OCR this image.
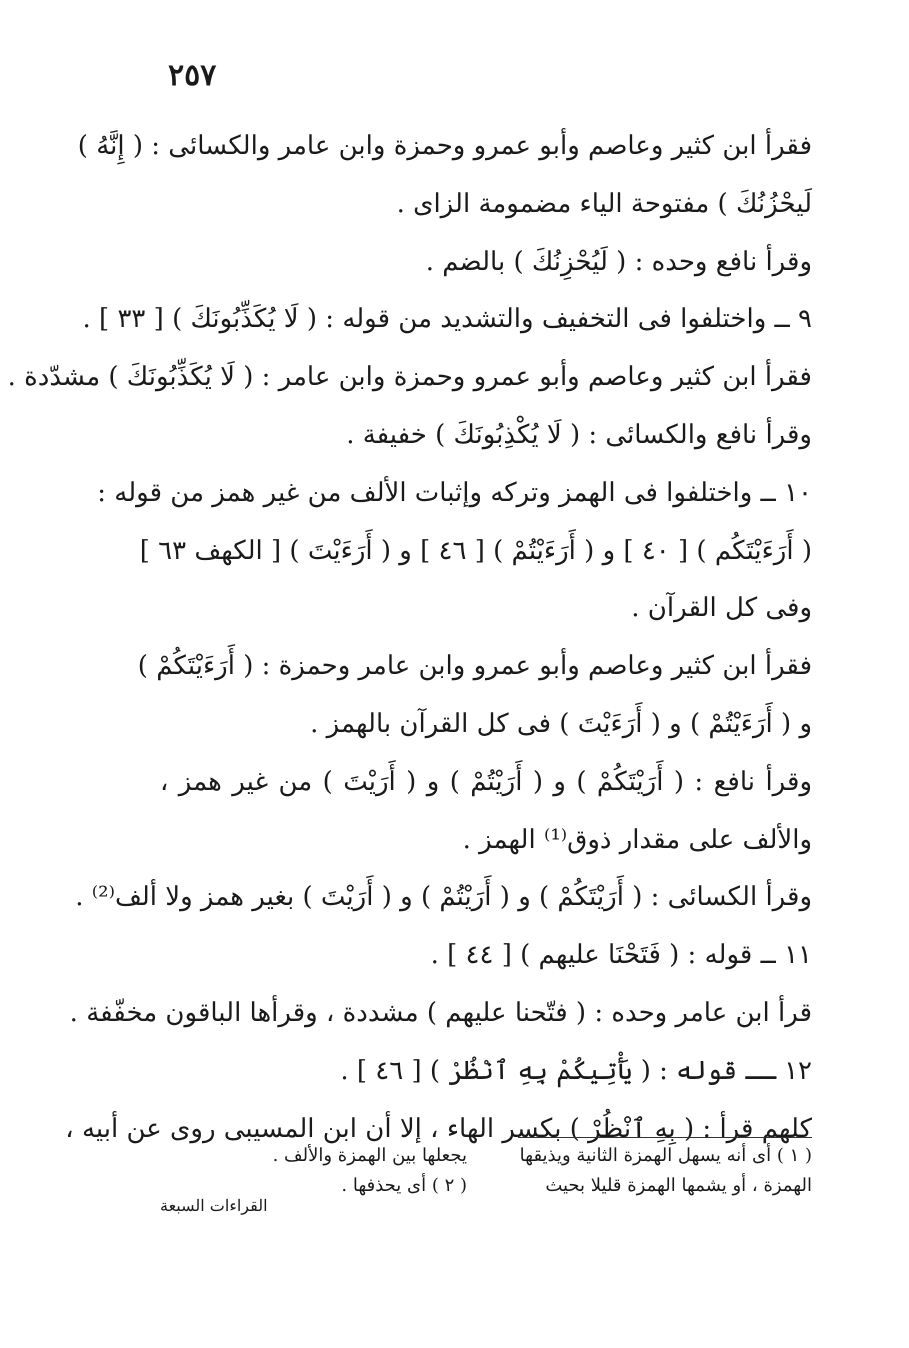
٢٥٧
فقرأ ابن كثير وعاصم وأبو عمرو وحمزة وابن عامر والكسائى : ( إِنَّهُ )
لَيحْزُنُكَ ) مفتوحة الياء مضمومة الزاى .
وقرأ نافع وحده : ( لَيُحْزِنُكَ ) بالضم .
٩ ــ واختلفوا فى التخفيف والتشديد من قوله : ( لَا يُكَذِّبُونَكَ ) [ ٣٣ ] .
فقرأ ابن كثير وعاصم وأبو عمرو وحمزة وابن عامر : ( لَا يُكَذِّبُونَكَ ) مشدّدة .
وقرأ نافع والكسائى : ( لَا يُكْذِبُونَكَ ) خفيفة .
١٠ ــ واختلفوا فى الهمز وتركه وإثبات الألف من غير همز من قوله :
( أَرَءَيْتَكُم ) [ ٤٠ ] و ( أَرَءَيْتُمْ ) [ ٤٦ ] و ( أَرَءَيْتَ ) [ الكهف ٦٣ ]
وفى كل القرآن .
فقرأ ابن كثير وعاصم وأبو عمرو وابن عامر وحمزة : ( أَرَءَيْتَكُمْ )
و ( أَرَءَيْتُمْ ) و ( أَرَءَيْتَ ) فى كل القرآن بالهمز .
وقرأ نافع : ( أَرَيْتَكُمْ ) و ( أَرَيْتُمْ ) و ( أَرَيْتَ ) من غير همز ،
والألف على مقدار ذوق⁽¹⁾ الهمز .
وقرأ الكسائى : ( أَرَيْتَكُمْ ) و ( أَرَيْتُمْ ) و ( أَرَيْتَ ) بغير همز ولا ألف⁽²⁾ .
١١ ــ قوله : ( فَتَحْنَا عليهم ) [ ٤٤ ] .
قرأ ابن عامر وحده : ( فتّحنا عليهم ) مشددة ، وقرأها الباقون مخفّفة .
١٢ ــ قوله : ( يَأْتِيكُمْ بِهِ ٱنْظُرْ ) [ ٤٦ ] .
كلهم قرأ : ( بِهِ ٱنْظُرْ ) بكسر الهاء ، إلا أن ابن المسيبى روى عن أبيه ،
( ١ ) أى أنه يسهل الهمزة الثانية ويذيقها
يجعلها بين الهمزة والألف .
الهمزة ، أو يشمها الهمزة قليلا بحيث
( ٢ ) أى يحذفها .
القراءات السبعة
